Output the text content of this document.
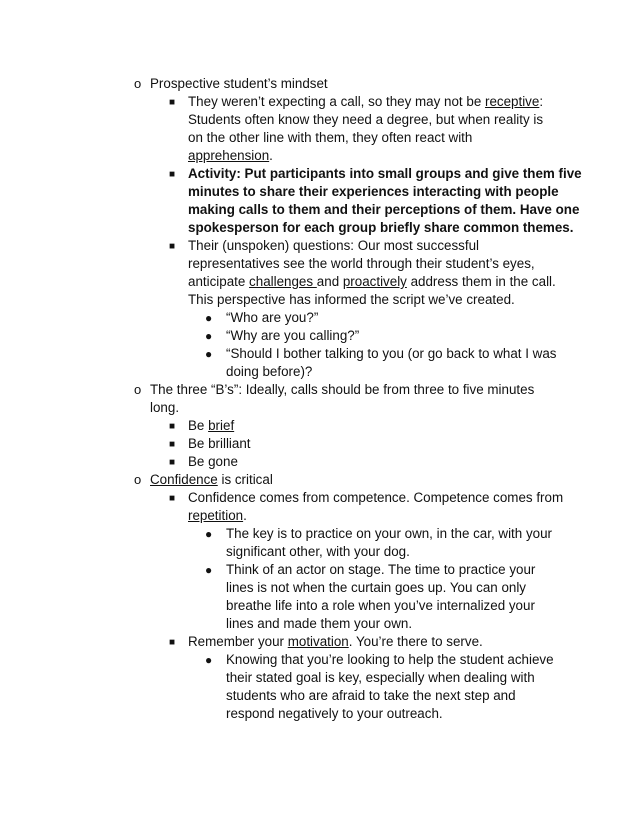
o Prospective student’s mindset
■ They weren’t expecting a call, so they may not be receptive:
Students often know they need a degree, but when reality is
on the other line with them, they often react with
apprehension.
■ Activity: Put participants into small groups and give them five
minutes to share their experiences interacting with people
making calls to them and their perceptions of them. Have one
spokesperson for each group briefly share common themes.
■ Their (unspoken) questions: Our most successful
representatives see the world through their student’s eyes,
anticipate challenges and proactively address them in the call.
This perspective has informed the script we’ve created.
● “Who are you?”
● “Why are you calling?”
● “Should I bother talking to you (or go back to what I was
doing before)?
o The three “B’s”: Ideally, calls should be from three to five minutes
long.
■ Be brief
■ Be brilliant
■ Be gone
o Confidence is critical
■ Confidence comes from competence. Competence comes from
repetition.
● The key is to practice on your own, in the car, with your
significant other, with your dog.
● Think of an actor on stage. The time to practice your
lines is not when the curtain goes up. You can only
breathe life into a role when you’ve internalized your
lines and made them your own.
■ Remember your motivation. You’re there to serve.
● Knowing that you’re looking to help the student achieve
their stated goal is key, especially when dealing with
students who are afraid to take the next step and
respond negatively to your outreach.
